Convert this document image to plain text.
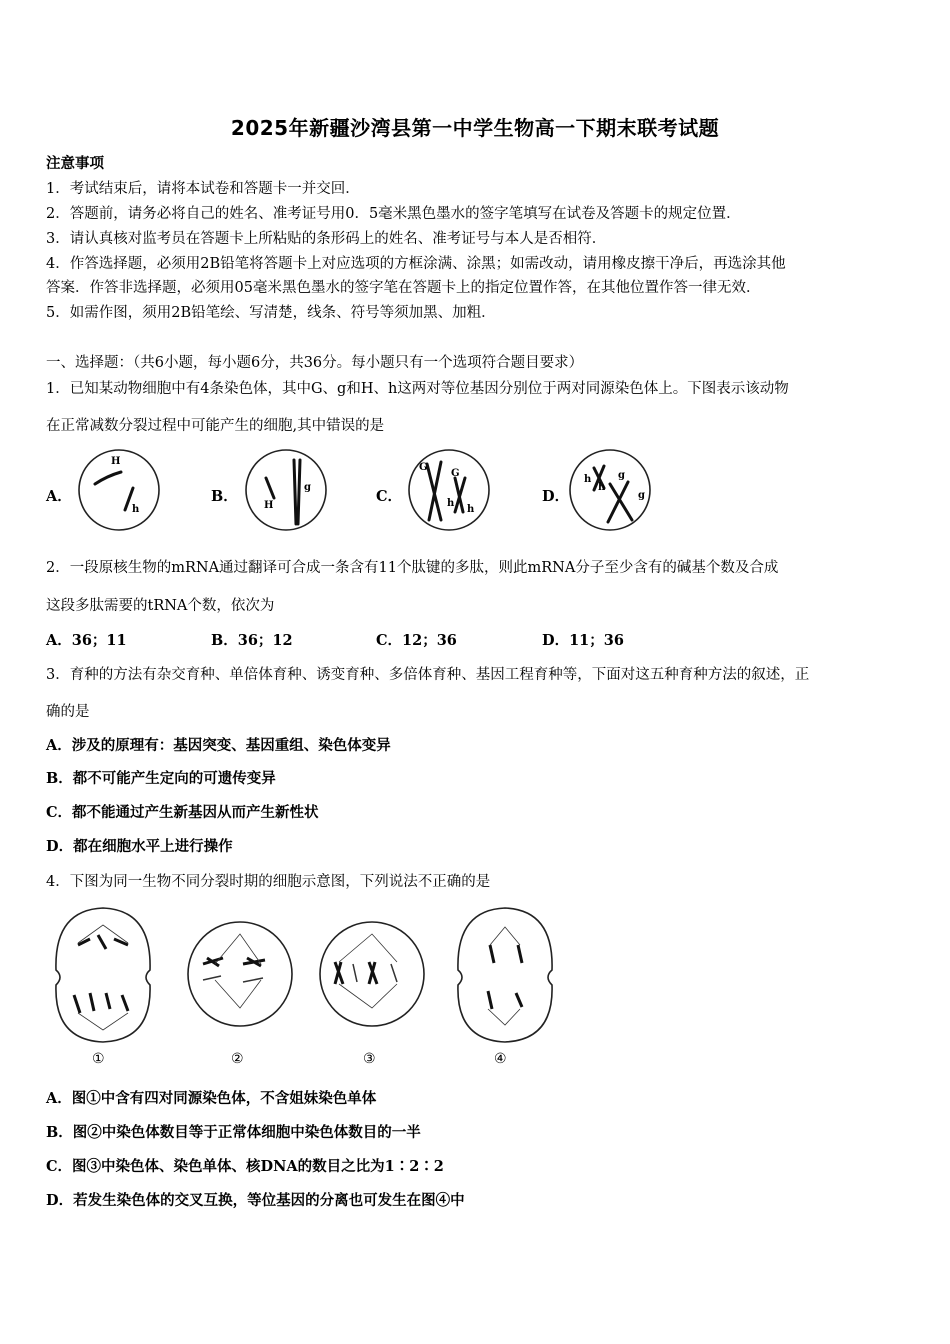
2025年新疆沙湾县第一中学生物高一下期末联考试题
注意事项
1．考试结束后，请将本试卷和答题卡一并交回．
2．答题前，请务必将自己的姓名、准考证号用0．5毫米黑色墨水的签字笔填写在试卷及答题卡的规定位置．
3．请认真核对监考员在答题卡上所粘贴的条形码上的姓名、准考证号与本人是否相符．
4．作答选择题，必须用2B铅笔将答题卡上对应选项的方框涂满、涂黑；如需改动，请用橡皮擦干净后，再选涂其他
答案．作答非选择题，必须用05毫米黑色墨水的签字笔在答题卡上的指定位置作答，在其他位置作答一律无效．
5．如需作图，须用2B铅笔绘、写清楚，线条、符号等须加黑、加粗．
一、选择题：（共6小题，每小题6分，共36分。每小题只有一个选项符合题目要求）
1．已知某动物细胞中有4条染色体，其中G、g和H、h这两对等位基因分别位于两对同源染色体上。下图表示该动物
在正常减数分裂过程中可能产生的细胞,其中错误的是
A．	B．	C．	D．
H
h	H
g
G
G
h
h
h
h
g
g
2．一段原核生物的mRNA通过翻译可合成一条含有11个肽键的多肽，则此mRNA分子至少含有的碱基个数及合成
这段多肽需要的tRNA个数，依次为
A．36；11	B．36；12	C．12；36	D．11；36
3．育种的方法有杂交育种、单倍体育种、诱变育种、多倍体育种、基因工程育种等，下面对这五种育种方法的叙述，正
确的是
A．涉及的原理有：基因突变、基因重组、染色体变异
B．都不可能产生定向的可遗传变异
C．都不能通过产生新基因从而产生新性状
D．都在细胞水平上进行操作
4．下图为同一生物不同分裂时期的细胞示意图，下列说法不正确的是
①	②	③	④
A．图①中含有四对同源染色体，不含姐妹染色单体
B．图②中染色体数目等于正常体细胞中染色体数目的一半
C．图③中染色体、染色单体、核DNA的数目之比为1∶2∶2
D．若发生染色体的交叉互换，等位基因的分离也可发生在图④中
